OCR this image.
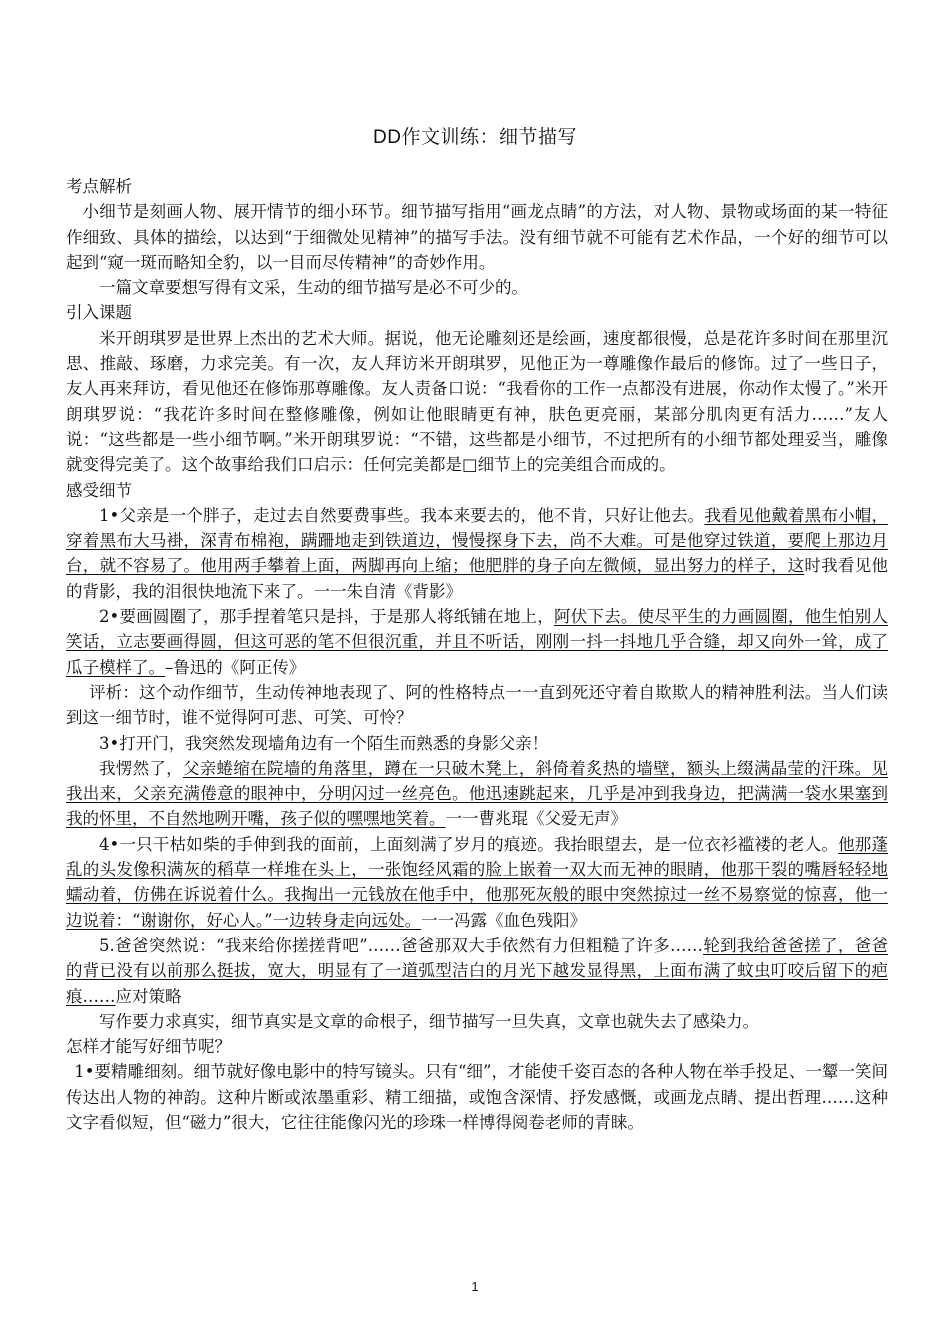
DD作文训练：细节描写

考点解析

小细节是刻画人物、展开情节的细小环节。细节描写指用“画龙点睛”的方法，对人物、景物或场面的某一特征作细致、具体的描绘，以达到“于细微处见精神”的描写手法。没有细节就不可能有艺术作品，一个好的细节可以起到“窥一斑而略知全豹，以一目而尽传精神”的奇妙作用。

一篇文章要想写得有文采，生动的细节描写是必不可少的。

引入课题

米开朗琪罗是世界上杰出的艺术大师。据说，他无论雕刻还是绘画，速度都很慢，总是花许多时间在那里沉思、推敲、琢磨，力求完美。有一次，友人拜访米开朗琪罗，见他正为一尊雕像作最后的修饰。过了一些日子，友人再来拜访，看见他还在修饰那尊雕像。友人责备口说：“我看你的工作一点都没有进展，你动作太慢了。”米开朗琪罗说：“我花许多时间在整修雕像，例如让他眼睛更有神，肤色更亮丽，某部分肌肉更有活力……”友人说：“这些都是一些小细节啊。”米开朗琪罗说：“不错，这些都是小细节，不过把所有的小细节都处理妥当，雕像就变得完美了。这个故事给我们口启示：任何完美都是□细节上的完美组合而成的。

感受细节

1•父亲是一个胖子，走过去自然要费事些。我本来要去的，他不肯，只好让他去。我看见他戴着黑布小帽，穿着黑布大马褂，深青布棉袍，蹒跚地走到铁道边，慢慢探身下去，尚不大难。可是他穿过铁道，要爬上那边月台，就不容易了。他用两手攀着上面，两脚再向上缩；他肥胖的身子向左微倾，显出努力的样子，这时我看见他的背影，我的泪很快地流下来了。一一朱自清《背影》

2•要画圆圈了，那手捏着笔只是抖，于是那人将纸铺在地上，阿伏下去。使尽平生的力画圆圈，他生怕别人笑话，立志要画得圆，但这可恶的笔不但很沉重，并且不听话，刚刚一抖一抖地几乎合缝，却又向外一耸，成了瓜子模样了。–鲁迅的《阿正传》

评析：这个动作细节，生动传神地表现了、阿的性格特点一一直到死还守着自欺欺人的精神胜利法。当人们读到这一细节时，谁不觉得阿可悲、可笑、可怜？

3•打开门，我突然发现墙角边有一个陌生而熟悉的身影父亲！

我愣然了，父亲蜷缩在院墙的角落里，蹲在一只破木凳上，斜倚着炙热的墙壁，额头上缀满晶莹的汗珠。见我出来，父亲充满倦意的眼神中，分明闪过一丝亮色。他迅速跳起来，几乎是冲到我身边，把满满一袋水果塞到我的怀里，不自然地咧开嘴，孩子似的嘿嘿地笑着。一一曹兆琨《父爱无声》

4•一只干枯如柴的手伸到我的面前，上面刻满了岁月的痕迹。我抬眼望去，是一位衣衫褴褛的老人。他那蓬乱的头发像积满灰的稻草一样堆在头上，一张饱经风霜的脸上嵌着一双大而无神的眼睛，他那干裂的嘴唇轻轻地蠕动着，仿佛在诉说着什么。我掏出一元钱放在他手中，他那死灰般的眼中突然掠过一丝不易察觉的惊喜，他一边说着：“谢谢你，好心人。”一边转身走向远处。一一冯露《血色残阳》

5.爸爸突然说：“我来给你搓搓背吧”……爸爸那双大手依然有力但粗糙了许多……轮到我给爸爸搓了，爸爸的背已没有以前那么挺拔，宽大，明显有了一道弧型洁白的月光下越发显得黑，上面布满了蚊虫叮咬后留下的疤痕……应对策略

写作要力求真实，细节真实是文章的命根子，细节描写一旦失真，文章也就失去了感染力。

怎样才能写好细节呢？

1•要精雕细刻。细节就好像电影中的特写镜头。只有“细”，才能使千姿百态的各种人物在举手投足、一颦一笑间传达出人物的神韵。这种片断或浓墨重彩、精工细描，或饱含深情、抒发感慨，或画龙点睛、提出哲理……这种文字看似短，但“磁力”很大，它往往能像闪光的珍珠一样博得阅卷老师的青睐。

1
